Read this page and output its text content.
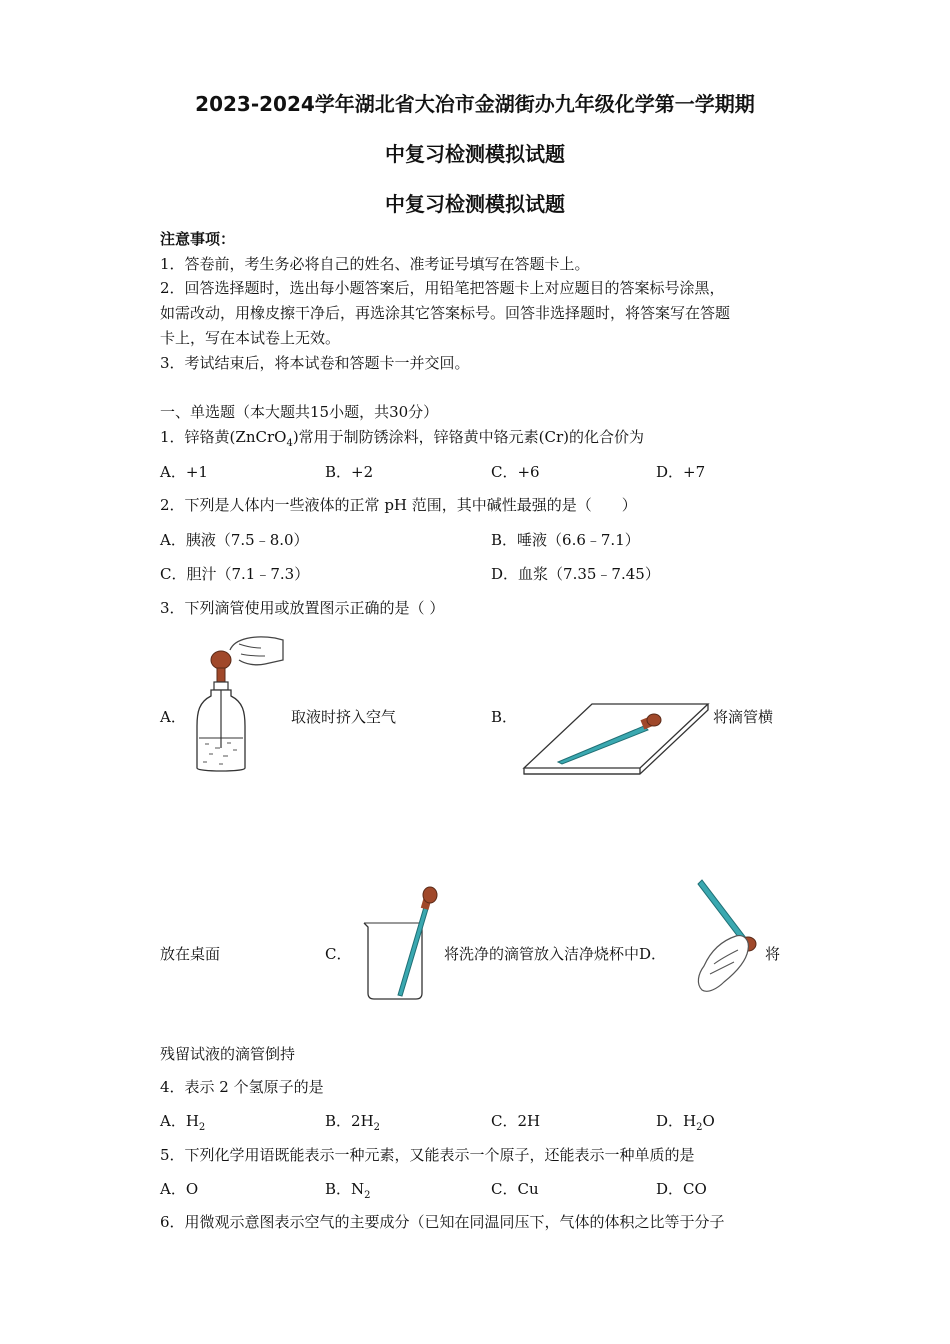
2023-2024学年湖北省大冶市金湖街办九年级化学第一学期期
中复习检测模拟试题
中复习检测模拟试题
注意事项：
1．答卷前，考生务必将自己的姓名、准考证号填写在答题卡上。
2．回答选择题时，选出每小题答案后，用铅笔把答题卡上对应题目的答案标号涂黑，
如需改动，用橡皮擦干净后，再选涂其它答案标号。回答非选择题时，将答案写在答题
卡上，写在本试卷上无效。
3．考试结束后，将本试卷和答题卡一并交回。
一、单选题（本大题共15小题，共30分）
1．锌铬黄(ZnCrO$_4$)常用于制防锈涂料，锌铬黄中铬元素(Cr)的化合价为
A．+1	B．+2	C．+6	D．+7
2．下列是人体内一些液体的正常 pH 范围，其中碱性最强的是（　　）
A．胰液（7.5﹣8.0）	B．唾液（6.6﹣7.1）
C．胆汁（7.1﹣7.3）	D．血浆（7.35﹣7.45）
3．下列滴管使用或放置图示正确的是（ ）
A．	取液时挤入空气	B．	将滴管横
放在桌面	C．	将洗净的滴管放入洁净烧杯中D．	将
残留试液的滴管倒持
4．表示 2 个氢原子的是
A．$H_2$	B．$2H_2$	C．2H	D．$H_2O$
5．下列化学用语既能表示一种元素，又能表示一个原子，还能表示一种单质的是
A．O	B．$N_2$	C．Cu	D．CO
6．用微观示意图表示空气的主要成分（已知在同温同压下，气体的体积之比等于分子
